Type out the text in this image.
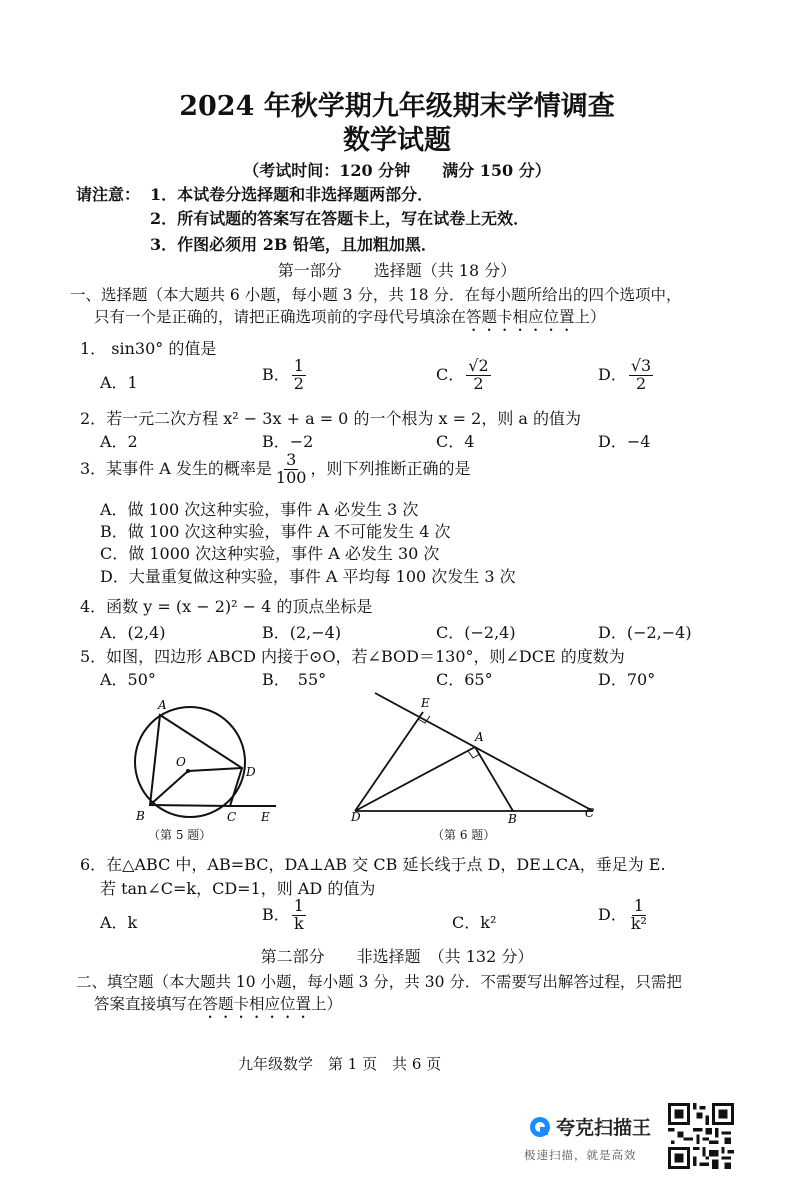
2024 年秋学期九年级期末学情调查
数学试题
（考试时间：120 分钟　　满分 150 分）
请注意： 1．本试卷分选择题和非选择题两部分．
2．所有试题的答案写在答题卡上，写在试卷上无效．
3．作图必须用 2B 铅笔，且加粗加黑．
第一部分　　选择题（共 18 分）
一、选择题（本大题共 6 小题，每小题 3 分，共 18 分．在每小题所给出的四个选项中，
只有一个是正确的，请把正确选项前的字母代号填涂在答题卡相应位置上）
1． sin30° 的值是
A．1	B． $\frac{1}{2}$	C． $\frac{√2}{2}$	D． $\frac{√3}{2}$
2．若一元二次方程 x² − 3x + a = 0 的一个根为 x = 2，则 a 的值为
A．2	B．−2	C．4	D．−4
3．某事件 A 发生的概率是 $\frac{3}{100}$ ，则下列推断正确的是
A．做 100 次这种实验，事件 A 必发生 3 次
B．做 100 次这种实验，事件 A 不可能发生 4 次
C．做 1000 次这种实验，事件 A 必发生 30 次
D．大量重复做这种实验，事件 A 平均每 100 次发生 3 次
4．函数 y = (x − 2)² − 4 的顶点坐标是
A．(2,4)	B．(2,−4)	C．(−2,4)	D．(−2,−4)
5．如图，四边形 ABCD 内接于⊙O，若∠BOD＝130°，则∠DCE 的度数为
A．50°	B．　55°	C．65°	D．70°
A
O
D
B	C E
（第 5 题）
E
A
D	B	C
（第 6 题）
6．在△ABC 中，AB=BC，DA⊥AB 交 CB 延长线于点 D，DE⊥CA，垂足为 E.
若 tan∠C=k，CD=1，则 AD 的值为
A．k	B． $\frac{1}{k}$	C．k²	D． $\frac{1}{\text{k²}}$
第二部分　　非选择题　（共 132 分）
二、填空题（本大题共 10 小题，每小题 3 分，共 30 分．不需要写出解答过程，只需把
答案直接填写在答题卡相应位置上）
九年级数学　第 1 页　共 6 页
夸克扫描王
极速扫描，就是高效
